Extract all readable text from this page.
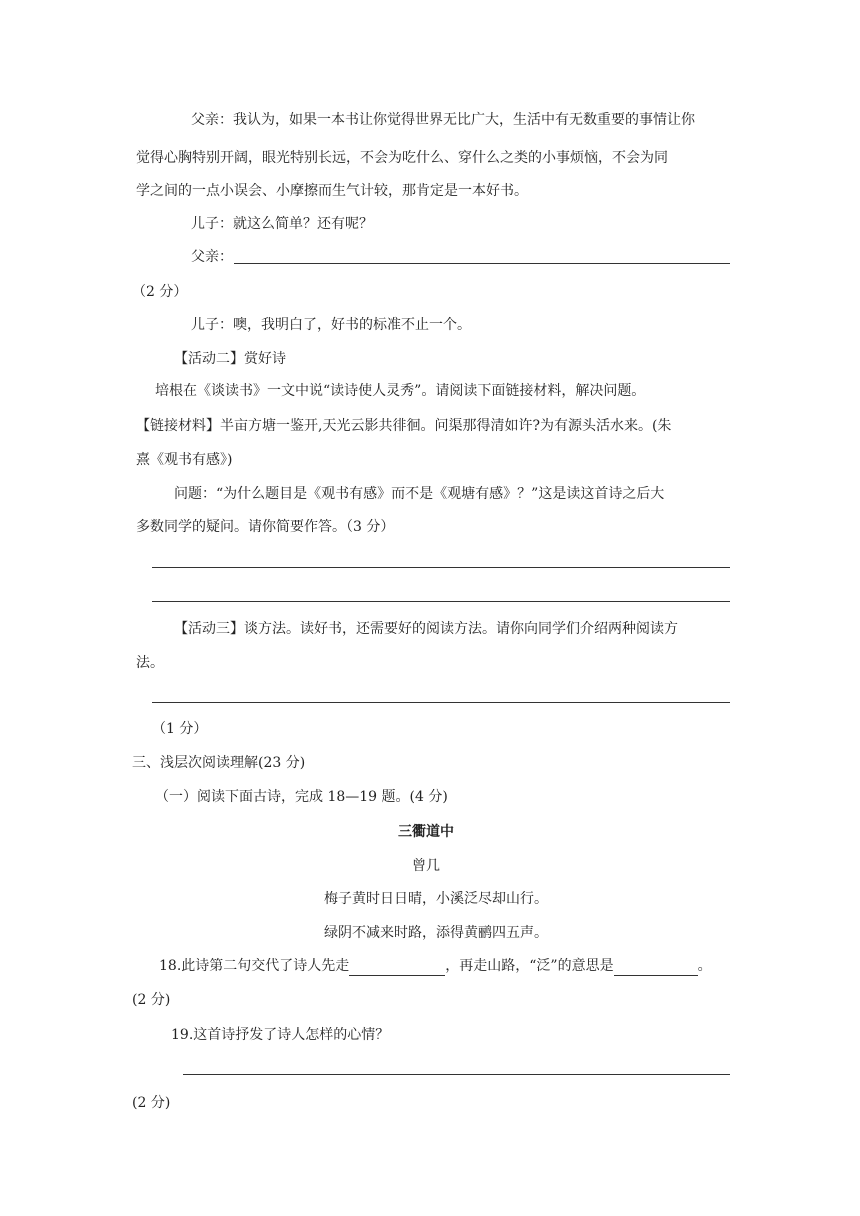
父亲：我认为，如果一本书让你觉得世界无比广大，生活中有无数重要的事情让你
觉得心胸特别开阔，眼光特别长远，不会为吃什么、穿什么之类的小事烦恼，不会为同
学之间的一点小误会、小摩擦而生气计较，那肯定是一本好书。
儿子：就这么简单？还有呢？
父亲：
（2 分）
儿子：噢，我明白了，好书的标准不止一个。
【活动二】赏好诗
培根在《谈读书》一文中说“读诗使人灵秀”。请阅读下面链接材料，解决问题。
【链接材料】半亩方塘一鉴开,天光云影共徘徊。问渠那得清如许?为有源头活水来。(朱
熹《观书有感》)
问题：“为什么题目是《观书有感》而不是《观塘有感》？”这是读这首诗之后大
多数同学的疑问。请你简要作答。（3 分）
【活动三】谈方法。读好书，还需要好的阅读方法。请你向同学们介绍两种阅读方
法。
（1 分）
三、浅层次阅读理解(23 分)
（一）阅读下面古诗，完成 18—19 题。(4 分)
三衢道中
曾几
梅子黄时日日晴，小溪泛尽却山行。
绿阴不减来时路，添得黄鹂四五声。
18.此诗第二句交代了诗人先走	，再走山路，“泛”的意思是	。
(2 分)
19.这首诗抒发了诗人怎样的心情？
(2 分)
